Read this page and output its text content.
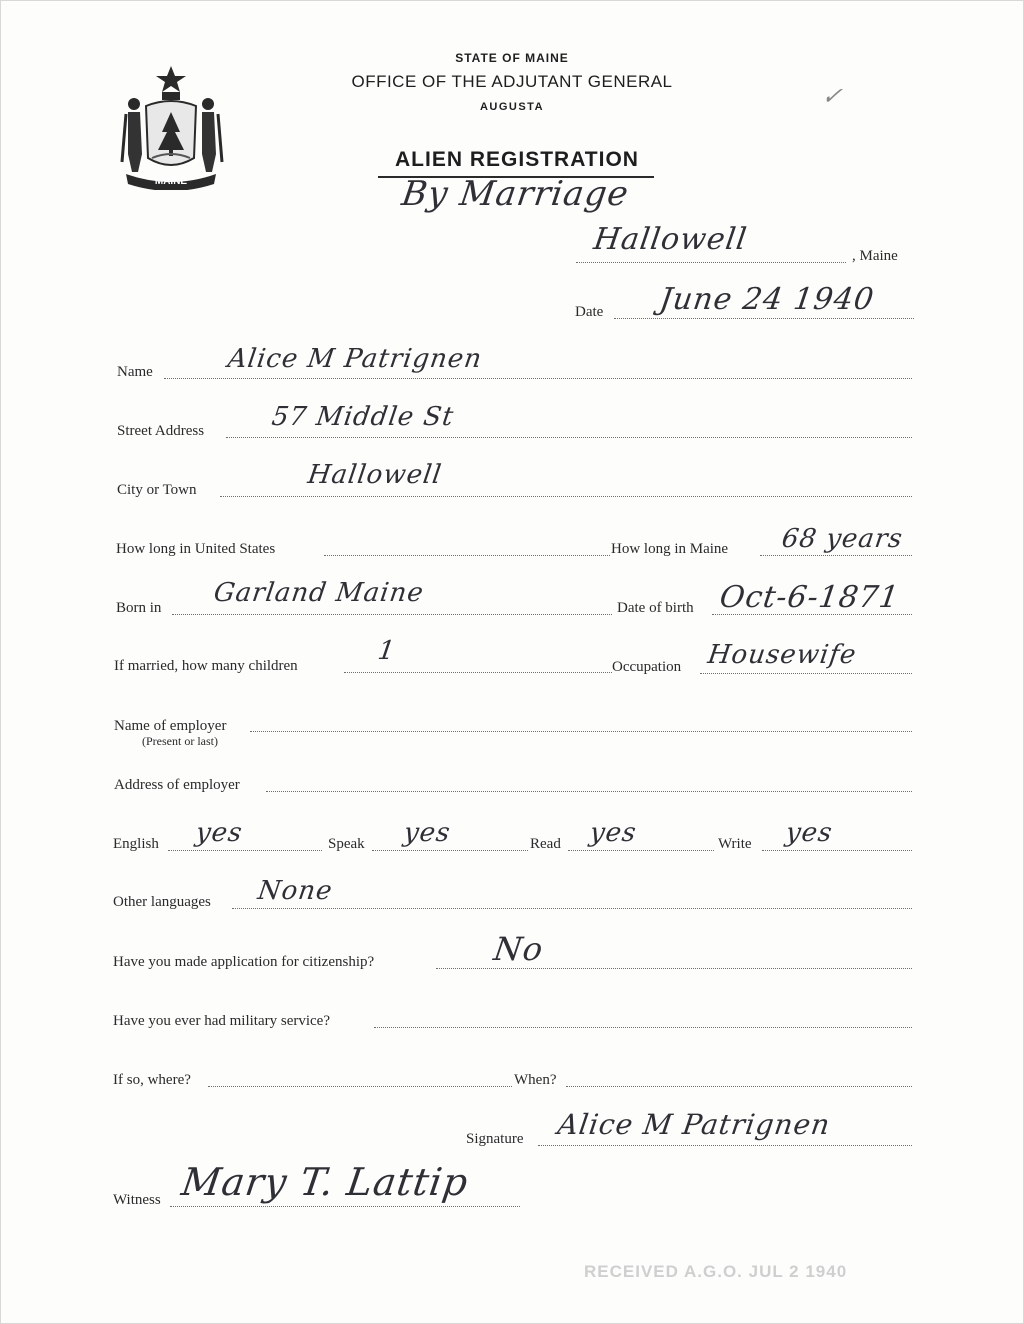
MAINE
STATE OF MAINE
OFFICE OF THE ADJUTANT GENERAL
AUGUSTA
ALIEN REGISTRATION
By Marriage
✓
Hallowell	, Maine
Date June 24 1940
Name	Alice M Patrignen
Street Address	57 Middle St
City or Town	Hallowell
How long in United States	How long in Maine 68 years
Born in Garland Maine	Date of birth Oct-6-1871
If married, how many children	1
Occupation Housewife
Name of employer
(Present or last)
Address of employer
English yes	Speak yes	Read yes	Write yes
Other languages None
Have you made application for citizenship?	No
Have you ever had military service?
If so, where?	When?
Signature Alice M Patrignen
Witness Mary T. Lattip
RECEIVED A.G.O. JUL 2 1940
